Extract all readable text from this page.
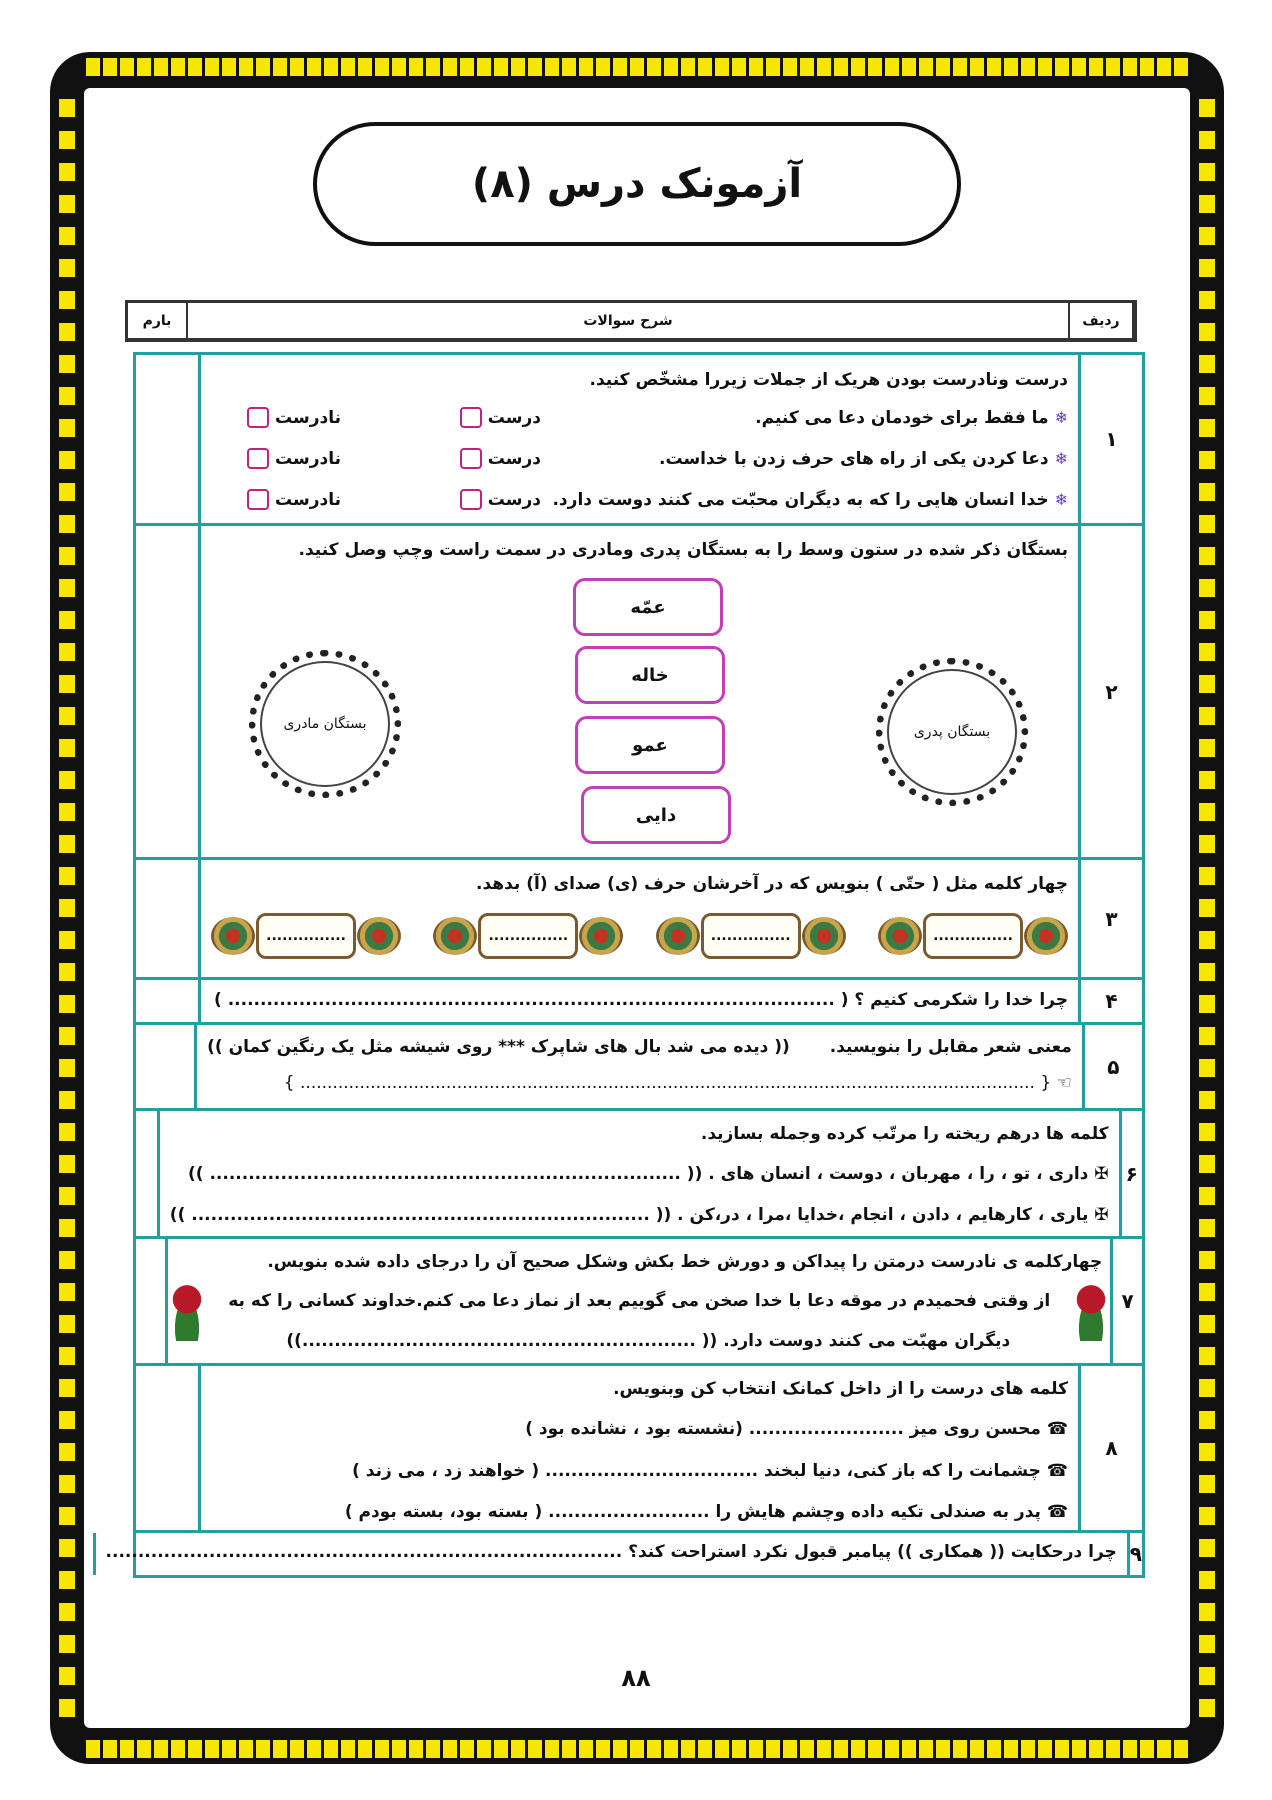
آزمونک درس (۸)
ردیف
شرح سوالات
بارم
۱
درست ونادرست بودن هریک از جملات زیررا مشخّص کنید.
❄ما فقط برای خودمان دعا می کنیم.
درست
نادرست
❄دعا کردن یکی از راه های حرف زدن با خداست.
درست
نادرست
❄خدا انسان هایی را که به دیگران محبّت می کنند دوست دارد.
درست
نادرست
۲
بستگان ذکر شده در ستون وسط را به بستگان پدری ومادری در سمت راست وچپ وصل کنید.
بستگان پدری
بستگان مادری
عمّه
خاله
عمو
دایی
۳
چهار کلمه مثل ( حتّی ) بنویس که در آخرشان حرف (ی) صدای (آ) بدهد.
...............
...............
...............
...............
۴
چرا خدا را شکرمی کنیم ؟ ( .............................................................................................. )
۵
معنی شعر مقابل را بنویسید.
(( دیده می شد بال های شاپرک *** روی شیشه مثل یک رنگین کمان ))
☜ { ........................................................................................................................................ }
۶
کلمه ها درهم ریخته را مرتّب کرده وجمله بسازید.
✠ داری ، تو ، را ، مهربان ، دوست ، انسان های . (( ......................................................................... ))
✠ یاری ، کارهایم ، دادن ، انجام ،خدایا ،مرا ، در،کن . (( ....................................................................... ))
۷
چهارکلمه ی نادرست درمتن را پیداکن و دورش خط بکش وشکل صحیح آن را درجای داده شده بنویس.
از وقتی فحمیدم در موقه دعا با خدا صخن می گوییم بعد از نماز دعا می کنم.خداوند کسانی را که به
دیگران مهبّت می کنند دوست دارد. (( .............................................................))
۸
کلمه های درست را از داخل کمانک انتخاب کن وبنویس.
☎ محسن روی میز ........................ (نشسته بود ، نشانده بود )
☎ چشمانت را که باز کنی، دنیا لبخند ................................. ( خواهند زد ، می زند )
☎ پدر به صندلی تکیه داده وچشم هایش را ......................... ( بسته بود، بسته بودم )
۹
چرا درحکایت (( همکاری )) پیامبر قبول نکرد استراحت کند؟ ................................................................................
۸۸
